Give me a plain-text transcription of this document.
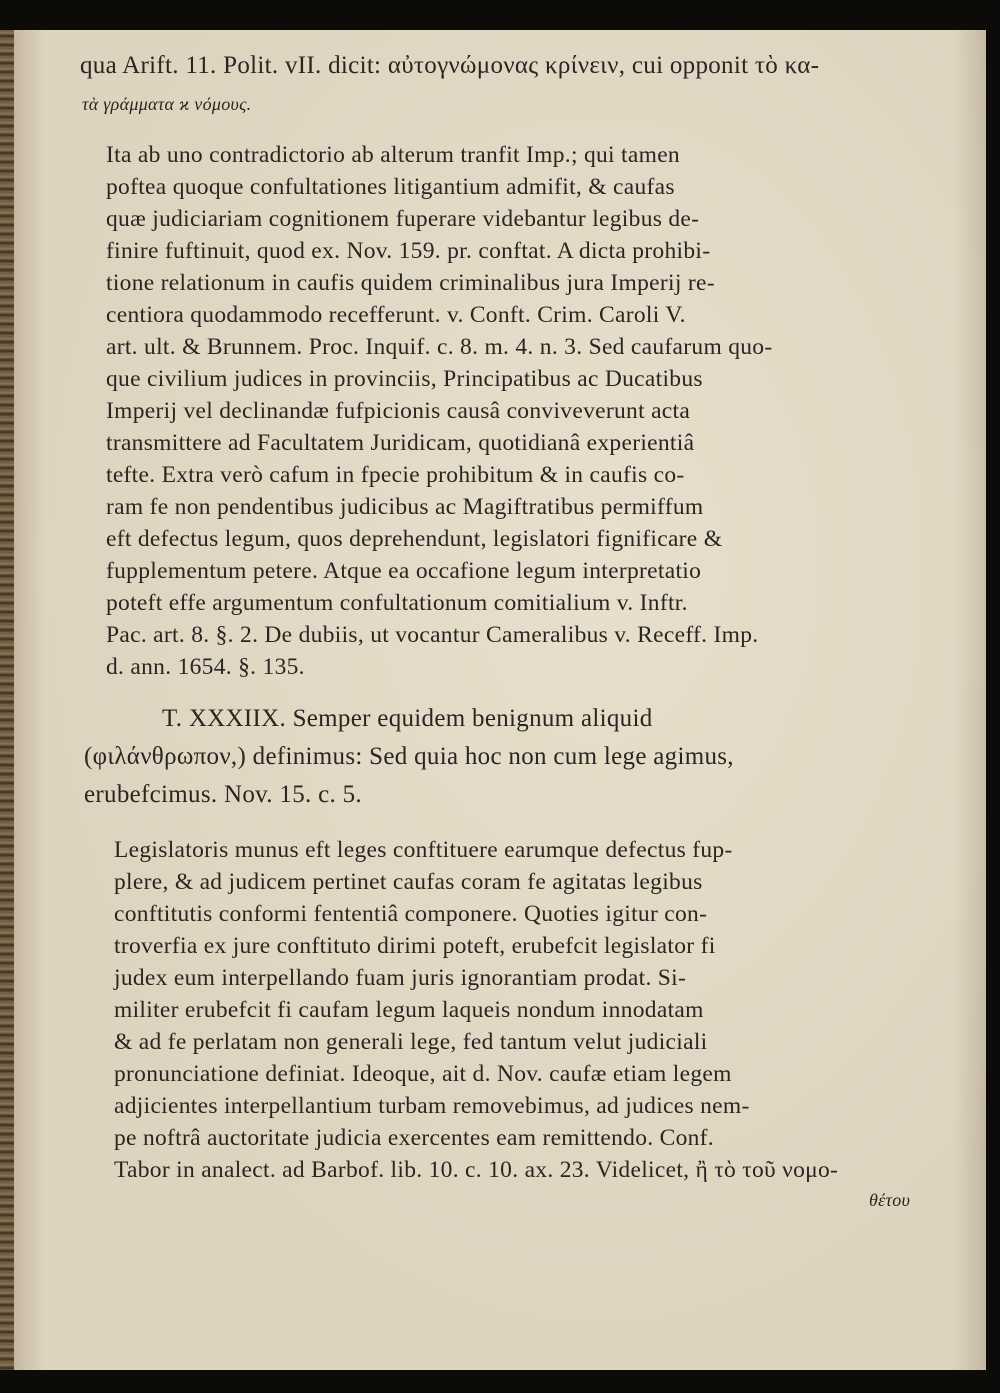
qua Arift. 11. Polit. vII. dicit: αὐτογνώμονας κρίνειν, cui opponit τὸ κα-

τὰ γράμματα ϰ νόμους.

Ita ab uno contradictorio ab alterum tranfit Imp.; qui tamen

poftea quoque confultationes litigantium admifit, & caufas

quæ judiciariam cognitionem fuperare videbantur legibus de-

finire fuftinuit, quod ex. Nov. 159. pr. conftat. A dicta prohibi-

tione relationum in caufis quidem criminalibus jura Imperij re-

centiora quodammodo recefferunt. v. Conft. Crim. Caroli V.

art. ult. & Brunnem. Proc. Inquif. c. 8. m. 4. n. 3. Sed caufarum quo-

que civilium judices in provinciis, Principatibus ac Ducatibus

Imperij vel declinandæ fufpicionis causâ conviveverunt acta

transmittere ad Facultatem Juridicam, quotidianâ experientiâ

tefte. Extra verò cafum in fpecie prohibitum & in caufis co-

ram fe non pendentibus judicibus ac Magiftratibus permiffum

eft defectus legum, quos deprehendunt, legislatori fignificare &

fupplementum petere. Atque ea occafione legum interpretatio

poteft effe argumentum confultationum comitialium v. Inftr.

Pac. art. 8. §. 2. De dubiis, ut vocantur Cameralibus v. Receff. Imp.

d. ann. 1654. §. 135.

T. XXXIIX. Semper equidem benignum aliquid

(φιλάνθρωπον,) definimus: Sed quia hoc non cum lege agimus,

erubefcimus. Nov. 15. c. 5.

Legislatoris munus eft leges conftituere earumque defectus fup-

plere, & ad judicem pertinet caufas coram fe agitatas legibus

conftitutis conformi fententiâ componere. Quoties igitur con-

troverfia ex jure conftituto dirimi poteft, erubefcit legislator fi

judex eum interpellando fuam juris ignorantiam prodat. Si-

militer erubefcit fi caufam legum laqueis nondum innodatam

& ad fe perlatam non generali lege, fed tantum velut judiciali

pronunciatione definiat. Ideoque, ait d. Nov. caufæ etiam legem

adjicientes interpellantium turbam removebimus, ad judices nem-

pe noftrâ auctoritate judicia exercentes eam remittendo. Conf.

Tabor in analect. ad Barbof. lib. 10. c. 10. ax. 23. Videlicet, ἢ τὸ τοῦ νομο-

θέτου
